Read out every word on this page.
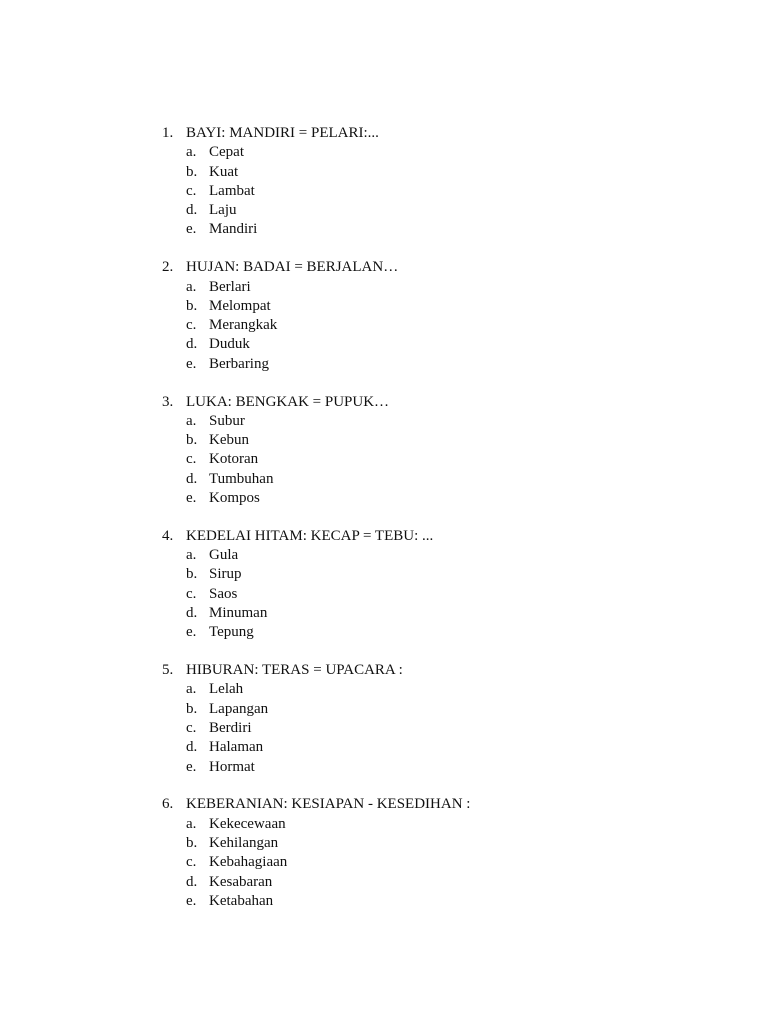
1. BAYI: MANDIRI = PELARI:...
a. Cepat
b. Kuat
c. Lambat
d. Laju
e. Mandiri
2. HUJAN: BADAI = BERJALAN…
a. Berlari
b. Melompat
c. Merangkak
d. Duduk
e. Berbaring
3. LUKA: BENGKAK = PUPUK…
a. Subur
b. Kebun
c. Kotoran
d. Tumbuhan
e. Kompos
4. KEDELAI HITAM: KECAP = TEBU: ...
a. Gula
b. Sirup
c. Saos
d. Minuman
e. Tepung
5. HIBURAN: TERAS = UPACARA :
a. Lelah
b. Lapangan
c. Berdiri
d. Halaman
e. Hormat
6. KEBERANIAN: KESIAPAN - KESEDIHAN :
a. Kekecewaan
b. Kehilangan
c. Kebahagiaan
d. Kesabaran
e. Ketabahan
